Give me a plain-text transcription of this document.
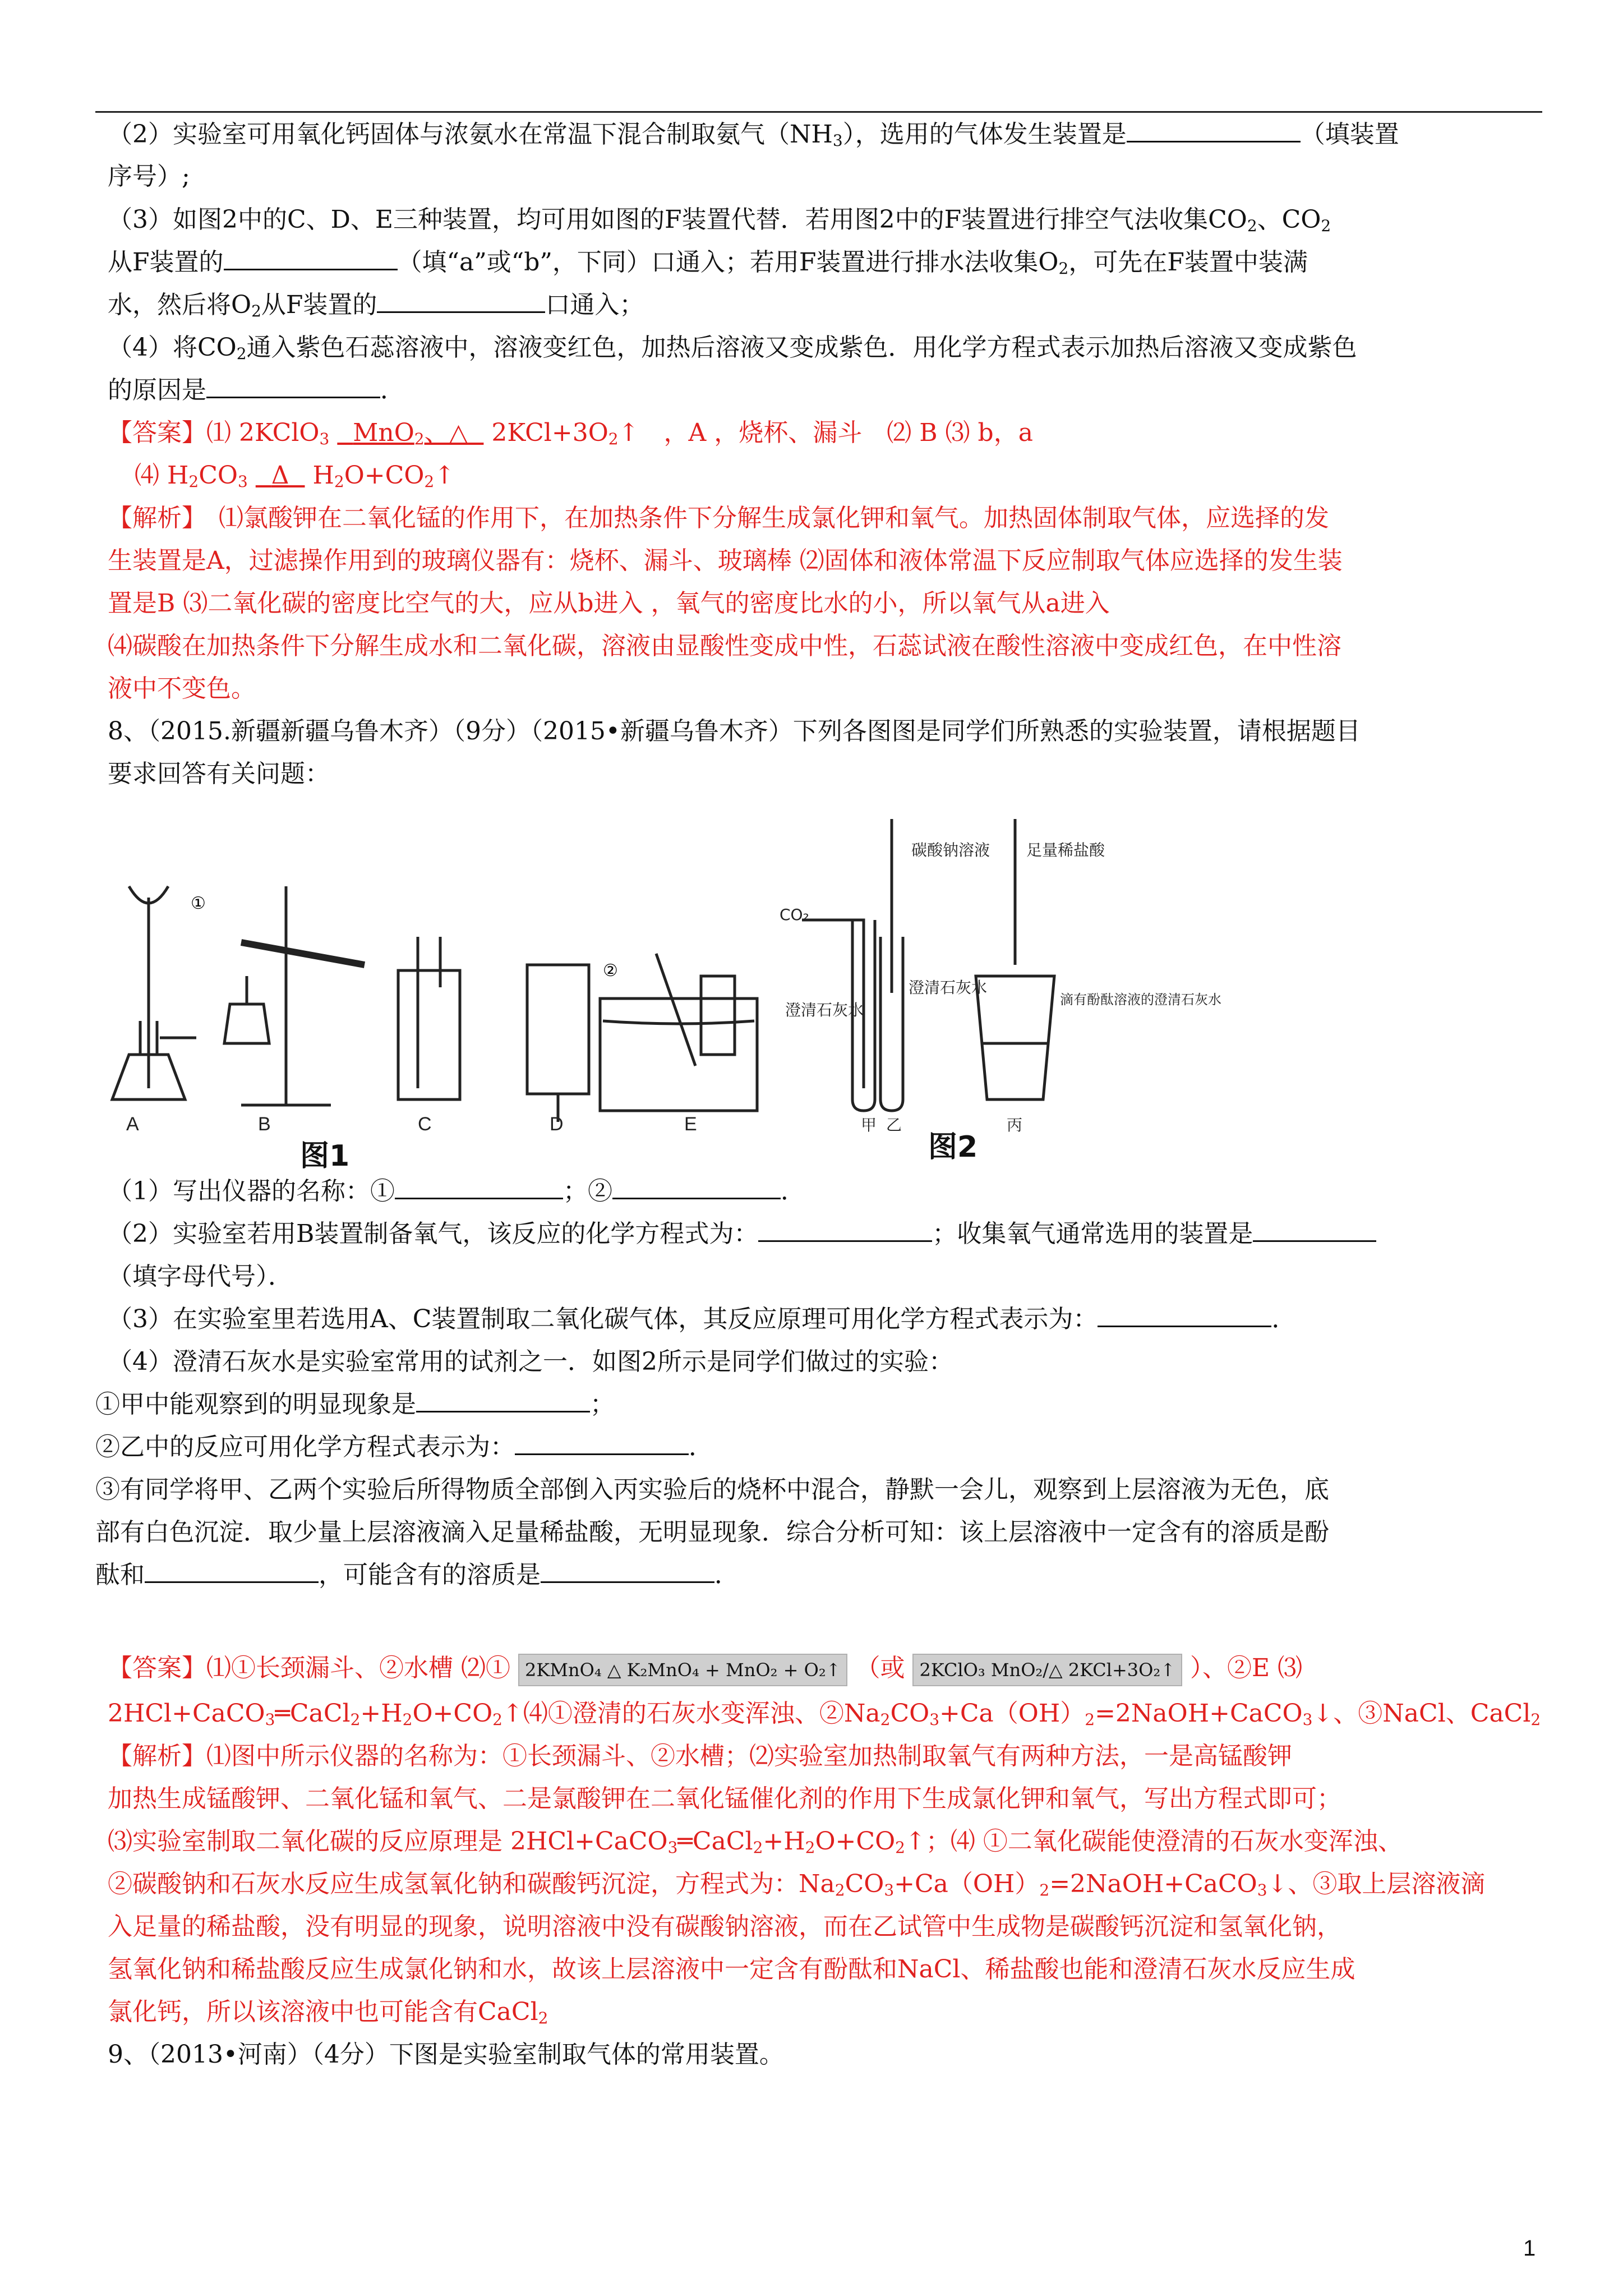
（2）实验室可用氧化钙固体与浓氨水在常温下混合制取氨气$(NH_3)$，选用的气体发生装置是	（填装置
序号）;
（3）如图2中的C、D、E三种装置，均可用如图的F装置代替．若用图2中的F装置进行排空气法收集$CO_2$、$CO_2$
从F装置的	（填“a”或“b”，下同）口通入；若用F装置进行排水法收集$O_2$，可先在F装置中装满
水，然后将$O_2$从F装置的	口通入；
（4）将$CO_2$通入紫色石蕊溶液中，溶液变红色，加热后溶液又变成紫色．用化学方程式表示加热后溶液又变成紫色
的原因是	．
【答案】⑴ 2KClO$_3$ MnO$_2$、△ $2KCl+3O_2↑$　，A ，烧杯、漏斗　⑵ B ⑶ b，a
⑷ $H_2CO_3$ Δ $H_2O+CO_2↑$
【解析】　⑴氯酸钾在二氧化锰的作用下，在加热条件下分解生成氯化钾和氧气。加热固体制取气体，应选择的发
生装置是A，过滤操作用到的玻璃仪器有：烧杯、漏斗、玻璃棒 ⑵固体和液体常温下反应制取气体应选择的发生装
置是B ⑶二氧化碳的密度比空气的大，应从b进入 ，氧气的密度比水的小，所以氧气从a进入
⑷碳酸在加热条件下分解生成水和二氧化碳，溶液由显酸性变成中性，石蕊试液在酸性溶液中变成红色，在中性溶
液中不变色。
8、（2015.新疆新疆乌鲁木齐）（9分）（2015•新疆乌鲁木齐）下列各图图是同学们所熟悉的实验装置，请根据题目
要求回答有关问题：
①
②
A	B	C	D	E
图1
CO₂
澄清石灰水
碳酸钠溶液
澄清石灰水
足量稀盐酸
滴有酚酞溶液的澄清石灰水
甲 乙	丙
图2
（1）写出仪器的名称：①	；②	．
（2）实验室若用B装置制备氧气，该反应的化学方程式为：	；收集氧气通常选用的装置是
（填字母代号）．
（3）在实验室里若选用A、C装置制取二氧化碳气体，其反应原理可用化学方程式表示为：	．
（4）澄清石灰水是实验室常用的试剂之一．如图2所示是同学们做过的实验：
①甲中能观察到的明显现象是	；
②乙中的反应可用化学方程式表示为：	．
③有同学将甲、乙两个实验后所得物质全部倒入丙实验后的烧杯中混合，静默一会儿，观察到上层溶液为无色，底
部有白色沉淀．取少量上层溶液滴入足量稀盐酸，无明显现象．综合分析可知：该上层溶液中一定含有的溶质是酚
酞和	，可能含有的溶质是	．
【答案】⑴①长颈漏斗、②水槽 ⑵① 2KMnO₄ △ K₂MnO₄ + MnO₂ + O₂↑ （或 2KClO₃ MnO₂/△ 2KCl+3O₂↑ ）、②E ⑶
$2HCl+CaCO_3═CaCl_2+H_2O+CO_2↑⑷①$澄清的石灰水变浑浊、$②Na_2CO_3+Ca(OH)_2=2NaOH+CaCO_3↓$、③NaCl、CaCl$_2$
【解析】⑴图中所示仪器的名称为：①长颈漏斗、②水槽；⑵实验室加热制取氧气有两种方法，一是高锰酸钾
加热生成锰酸钾、二氧化锰和氧气、二是氯酸钾在二氧化锰催化剂的作用下生成氯化钾和氧气，写出方程式即可；
⑶实验室制取二氧化碳的反应原理是 $2HCl+CaCO_3═CaCl_2+H_2O+CO_2↑$；⑷ ①二氧化碳能使澄清的石灰水变浑浊、
②碳酸钠和石灰水反应生成氢氧化钠和碳酸钙沉淀，方程式为：$Na_2CO_3+Ca(OH)_2=2NaOH+CaCO_3↓$、③取上层溶液滴
入足量的稀盐酸，没有明显的现象，说明溶液中没有碳酸钠溶液，而在乙试管中生成物是碳酸钙沉淀和氢氧化钠，
氢氧化钠和稀盐酸反应生成氯化钠和水，故该上层溶液中一定含有酚酞和NaCl、稀盐酸也能和澄清石灰水反应生成
氯化钙，所以该溶液中也可能含有CaCl$_2$
9、（2013•河南）（4分）下图是实验室制取气体的常用装置。
1
